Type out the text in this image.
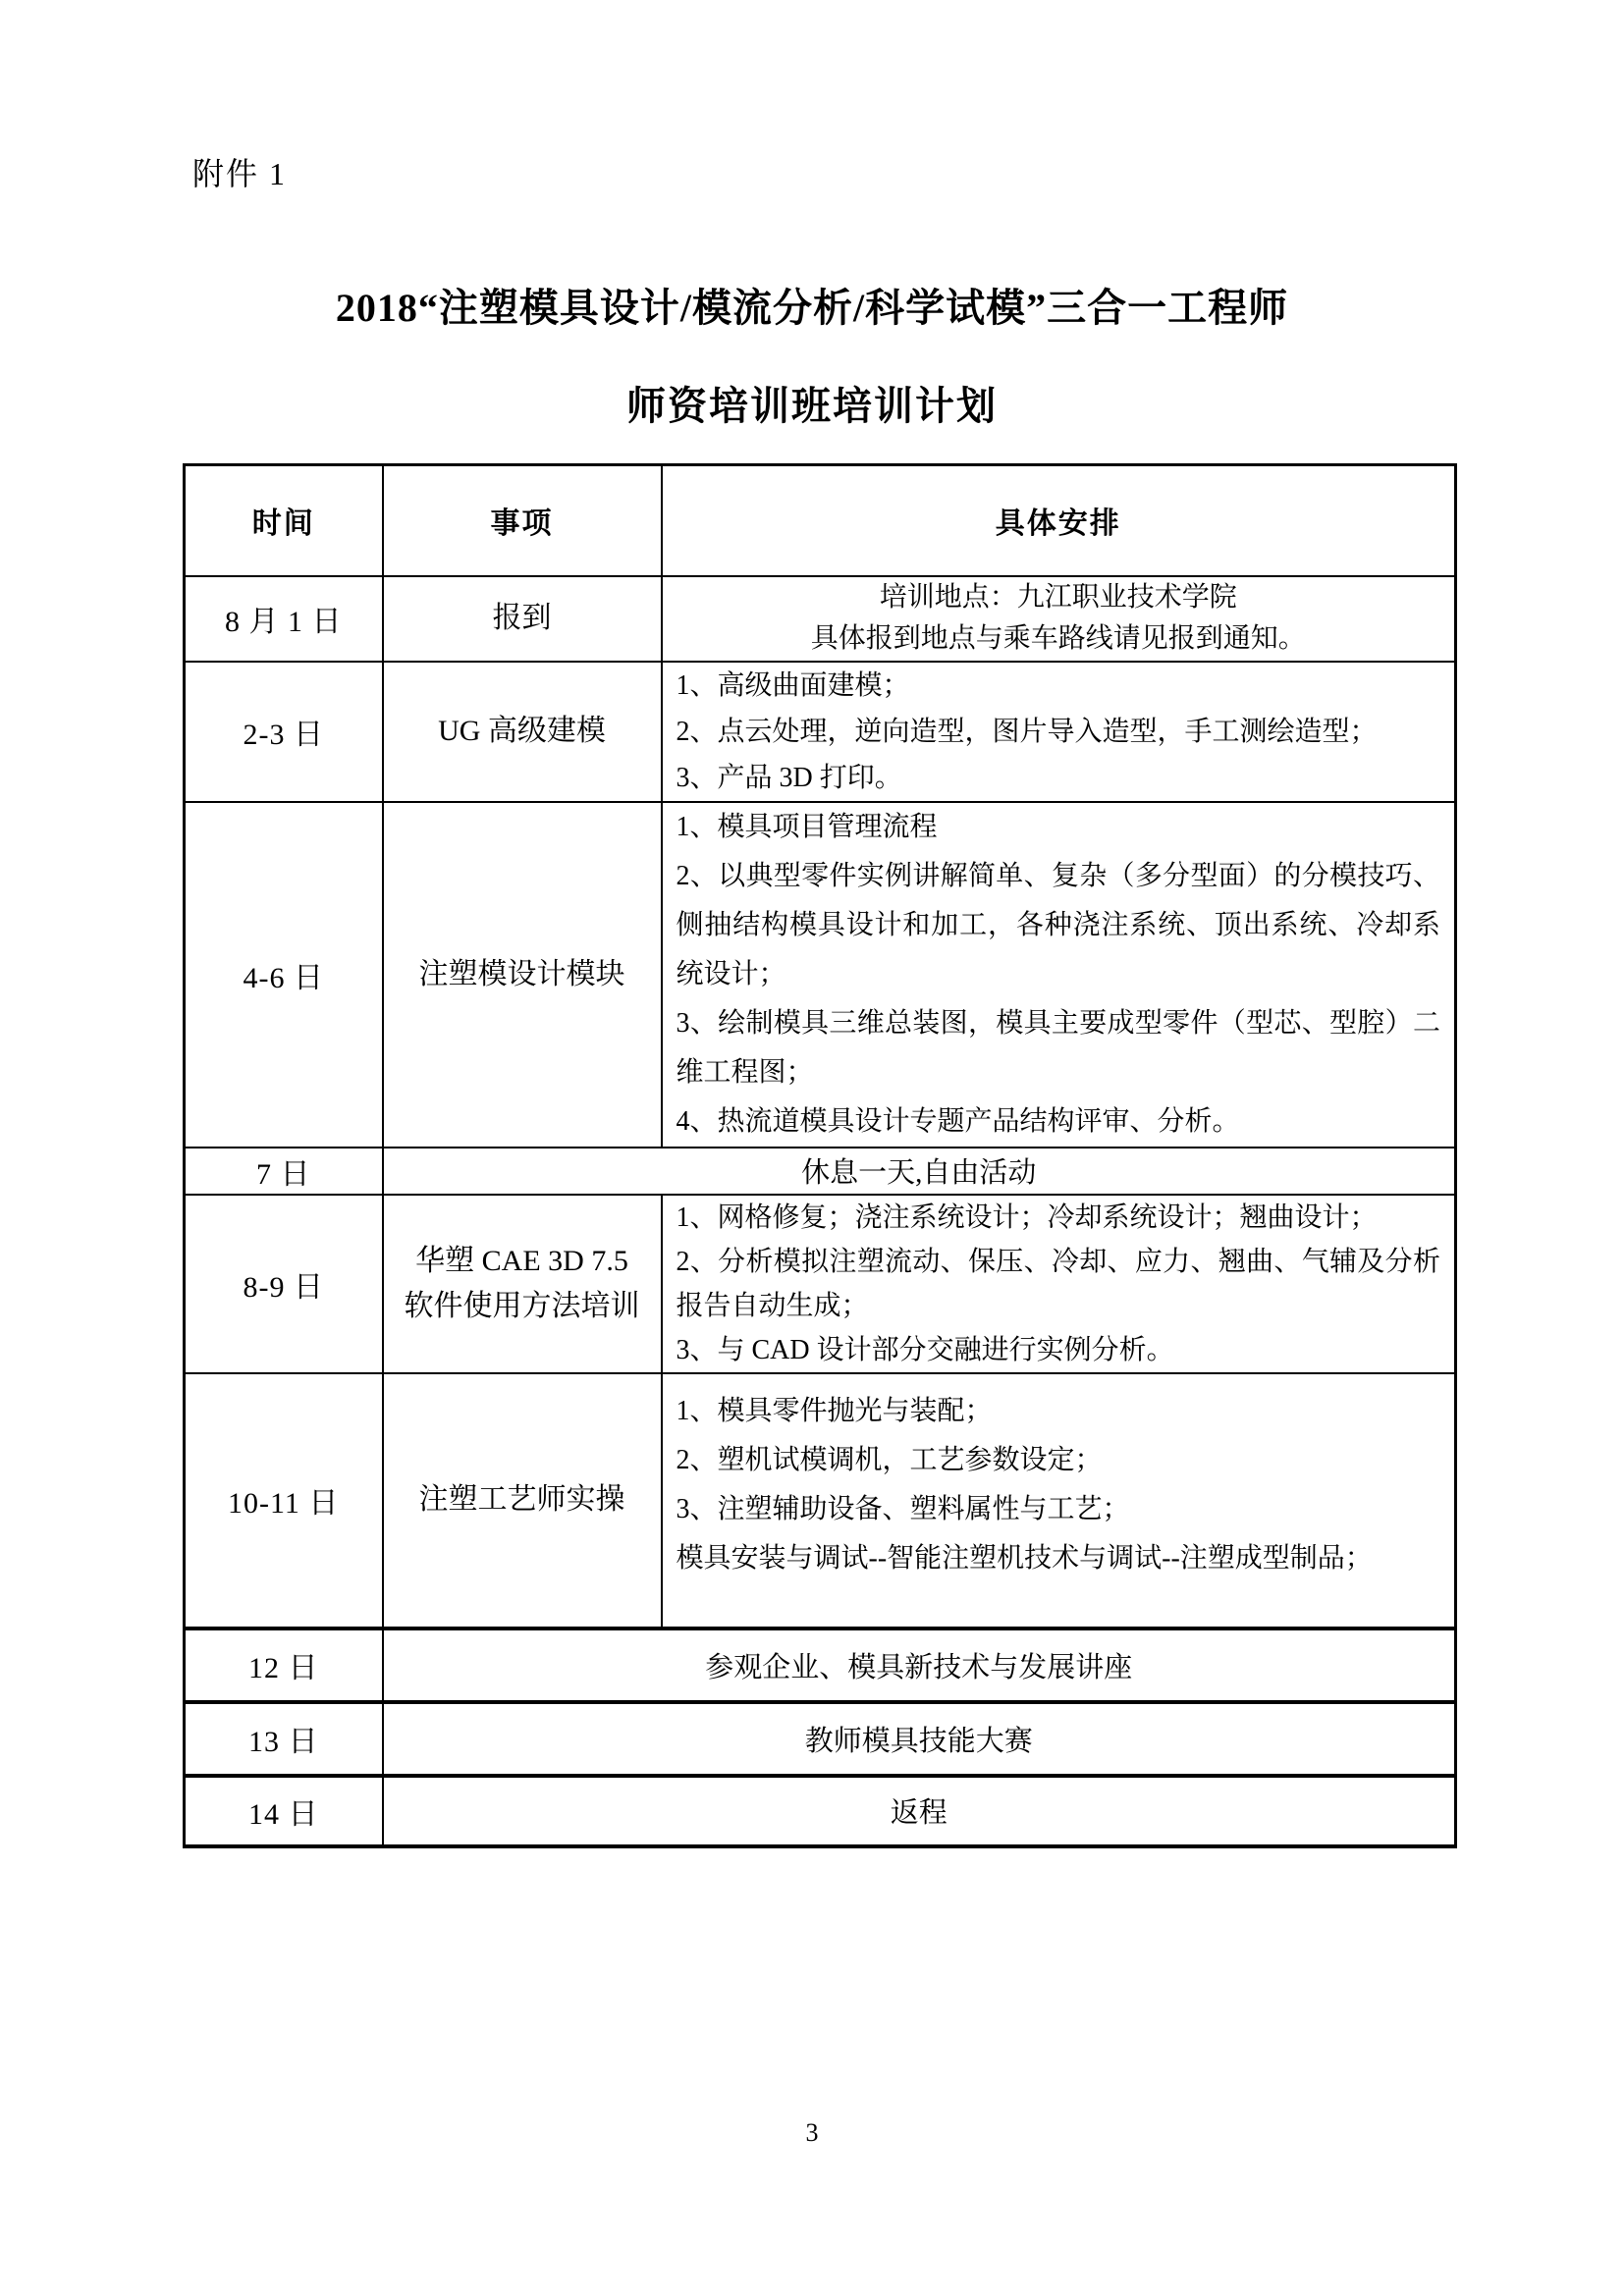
附件 1
2018“注塑模具设计/模流分析/科学试模”三合一工程师
师资培训班培训计划
时间	事项	具体安排
8 月 1 日	报到	培训地点：九江职业技术学院
具体报到地点与乘车路线请见报到通知。

2-3 日	UG 高级建模	1、高级曲面建模；
2、点云处理，逆向造型，图片导入造型，手工测绘造型；
3、产品 3D 打印。

4-6 日	注塑模设计模块	1、模具项目管理流程
2、以典型零件实例讲解简单、复杂（多分型面）的分模技巧、侧抽结构模具设计和加工，各种浇注系统、顶出系统、冷却系统设计；
3、绘制模具三维总装图，模具主要成型零件（型芯、型腔）二维工程图；
4、热流道模具设计专题产品结构评审、分析。

7 日	休息一天,自由活动	
8-9 日	华塑 CAE 3D 7.5 软件使用方法培训	1、网格修复；浇注系统设计；冷却系统设计；翘曲设计；
2、分析模拟注塑流动、保压、冷却、应力、翘曲、气辅及分析报告自动生成；
3、与 CAD 设计部分交融进行实例分析。

10-11 日	注塑工艺师实操	1、模具零件抛光与装配；
2、塑机试模调机，工艺参数设定；
3、注塑辅助设备、塑料属性与工艺；
模具安装与调试--智能注塑机技术与调试--注塑成型制品；

12 日	参观企业、模具新技术与发展讲座	
13 日	教师模具技能大赛	
14 日	返程	
3
